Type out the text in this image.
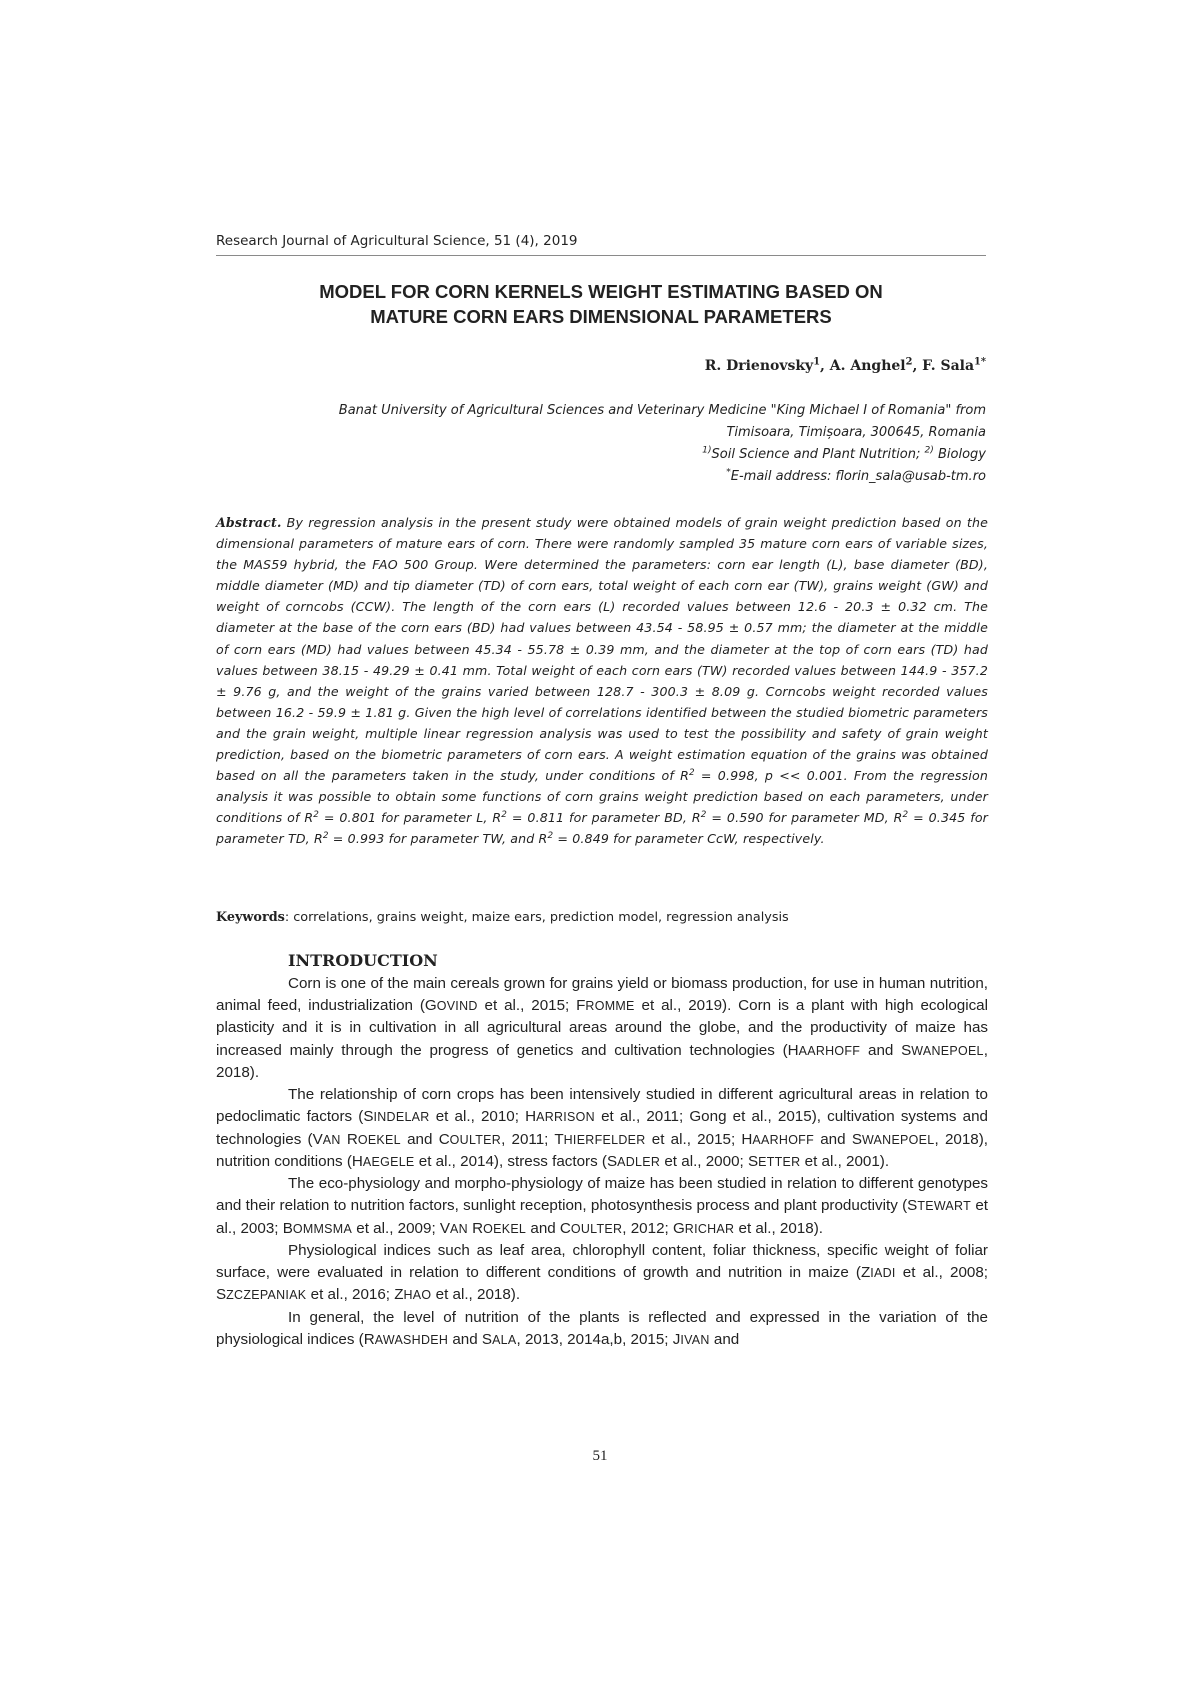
Research Journal of Agricultural Science, 51 (4), 2019
MODEL FOR CORN KERNELS WEIGHT ESTIMATING BASED ON
MATURE CORN EARS DIMENSIONAL PARAMETERS
R. Drienovsky$^1$, A. Anghel$^2$, F. Sala$^{1*}$
Banat University of Agricultural Sciences and Veterinary Medicine "King Michael I of Romania" from
Timisoara, Timișoara, 300645, Romania
$^{1)}$Soil Science and Plant Nutrition; $^{2)}$ Biology
*E-mail address: florin_sala@usab-tm.ro
Abstract. By regression analysis in the present study were obtained models of grain weight prediction based on the dimensional parameters of mature ears of corn. There were randomly sampled 35 mature corn ears of variable sizes, the MAS59 hybrid, the FAO 500 Group. Were determined the parameters: corn ear length (L), base diameter (BD), middle diameter (MD) and tip diameter (TD) of corn ears, total weight of each corn ear (TW), grains weight (GW) and weight of corncobs (CCW). The length of the corn ears (L) recorded values between 12.6 - 20.3 ± 0.32 cm. The diameter at the base of the corn ears (BD) had values between 43.54 - 58.95 ± 0.57 mm; the diameter at the middle of corn ears (MD) had values between 45.34 - 55.78 ± 0.39 mm, and the diameter at the top of corn ears (TD) had values between 38.15 - 49.29 ± 0.41 mm. Total weight of each corn ears (TW) recorded values between 144.9 - 357.2 ± 9.76 g, and the weight of the grains varied between 128.7 - 300.3 ± 8.09 g. Corncobs weight recorded values between 16.2 - 59.9 ± 1.81 g. Given the high level of correlations identified between the studied biometric parameters and the grain weight, multiple linear regression analysis was used to test the possibility and safety of grain weight prediction, based on the biometric parameters of corn ears. A weight estimation equation of the grains was obtained based on all the parameters taken in the study, under conditions of $R^2 = 0.998$, p << 0.001. From the regression analysis it was possible to obtain some functions of corn grains weight prediction based on each parameters, under conditions of $R^2 = 0.801$ for parameter L, $R^2 = 0.811$ for parameter BD, $R^2 = 0.590$ for parameter MD, $R^2 = 0.345$ for parameter TD, $R^2 = 0.993$ for parameter TW, and $R^2 = 0.849$ for parameter CcW, respectively.
Keywords: correlations, grains weight, maize ears, prediction model, regression analysis
INTRODUCTION

Corn is one of the main cereals grown for grains yield or biomass production, for use in human nutrition, animal feed, industrialization (GOVIND et al., 2015; FROMME et al., 2019). Corn is a plant with high ecological plasticity and it is in cultivation in all agricultural areas around the globe, and the productivity of maize has increased mainly through the progress of genetics and cultivation technologies (HAARHOFF and SWANEPOEL, 2018).

The relationship of corn crops has been intensively studied in different agricultural areas in relation to pedoclimatic factors (SINDELAR et al., 2010; HARRISON et al., 2011; Gong et al., 2015), cultivation systems and technologies (VAN ROEKEL and COULTER, 2011; THIERFELDER et al., 2015; HAARHOFF and SWANEPOEL, 2018), nutrition conditions (HAEGELE et al., 2014), stress factors (SADLER et al., 2000; SETTER et al., 2001).

The eco-physiology and morpho-physiology of maize has been studied in relation to different genotypes and their relation to nutrition factors, sunlight reception, photosynthesis process and plant productivity (STEWART et al., 2003; BOMMSMA et al., 2009; VAN ROEKEL and COULTER, 2012; GRICHAR et al., 2018).

Physiological indices such as leaf area, chlorophyll content, foliar thickness, specific weight of foliar surface, were evaluated in relation to different conditions of growth and nutrition in maize (ZIADI et al., 2008; SZCZEPANIAK et al., 2016; ZHAO et al., 2018).

In general, the level of nutrition of the plants is reflected and expressed in the variation of the physiological indices (RAWASHDEH and SALA, 2013, 2014a,b, 2015; JIVAN and

51
